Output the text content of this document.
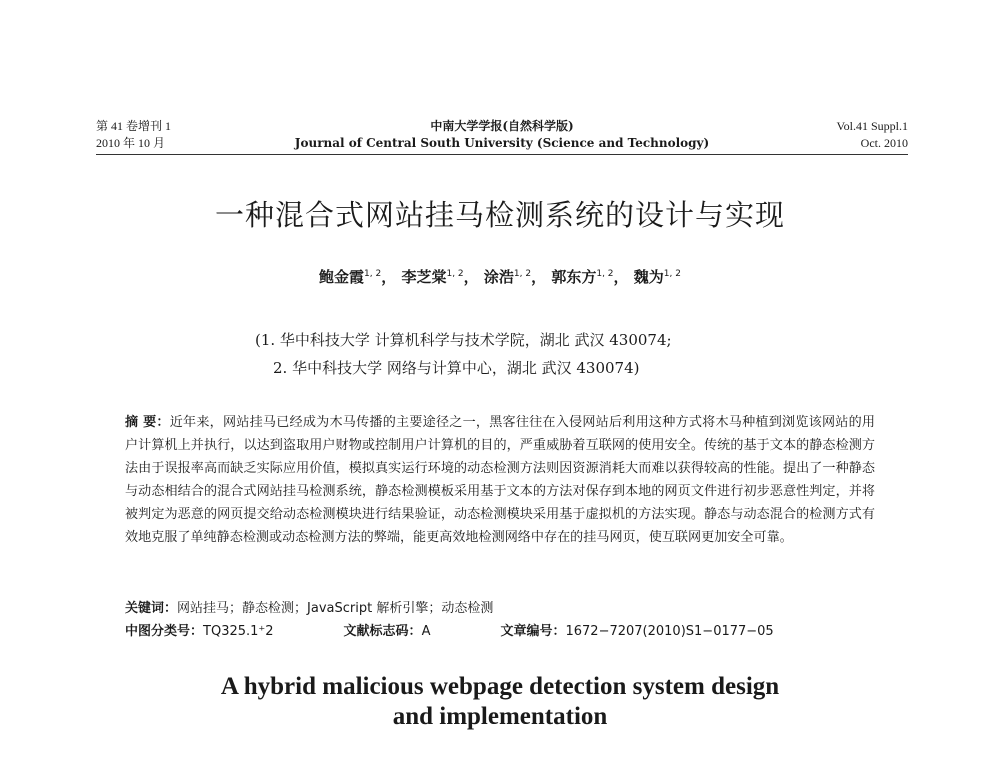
第 41 卷增刊 1	中南大学学报(自然科学版)	Vol.41 Suppl.1
2010 年 10 月	Journal of Central South University (Science and Technology)	Oct. 2010
一种混合式网站挂马检测系统的设计与实现
鲍金霞$^{1, 2}$， 李芝棠$^{1, 2}$， 涂浩$^{1, 2}$， 郭东方$^{1, 2}$， 魏为$^{1, 2}$
(1. 华中科技大学 计算机科学与技术学院，湖北 武汉 430074;
2. 华中科技大学 网络与计算中心，湖北 武汉 430074)
摘 要：近年来，网站挂马已经成为木马传播的主要途径之一，黑客往往在入侵网站后利用这种方式将木马种植到浏览该网站的用户计算机上并执行，以达到盗取用户财物或控制用户计算机的目的，严重威胁着互联网的使用安全。传统的基于文本的静态检测方法由于误报率高而缺乏实际应用价值，模拟真实运行环境的动态检测方法则因资源消耗大而难以获得较高的性能。提出了一种静态与动态相结合的混合式网站挂马检测系统，静态检测模板采用基于文本的方法对保存到本地的网页文件进行初步恶意性判定，并将被判定为恶意的网页提交给动态检测模块进行结果验证，动态检测模块采用基于虚拟机的方法实现。静态与动态混合的检测方式有效地克服了单纯静态检测或动态检测方法的弊端，能更高效地检测网络中存在的挂马网页，使互联网更加安全可靠。
关键词：网站挂马；静态检测；JavaScript 解析引擎；动态检测
中图分类号：TQ325.1⁺2	文献标志码：A	文章编号：1672−7207(2010)S1−0177−05
A hybrid malicious webpage detection system design
and implementation
